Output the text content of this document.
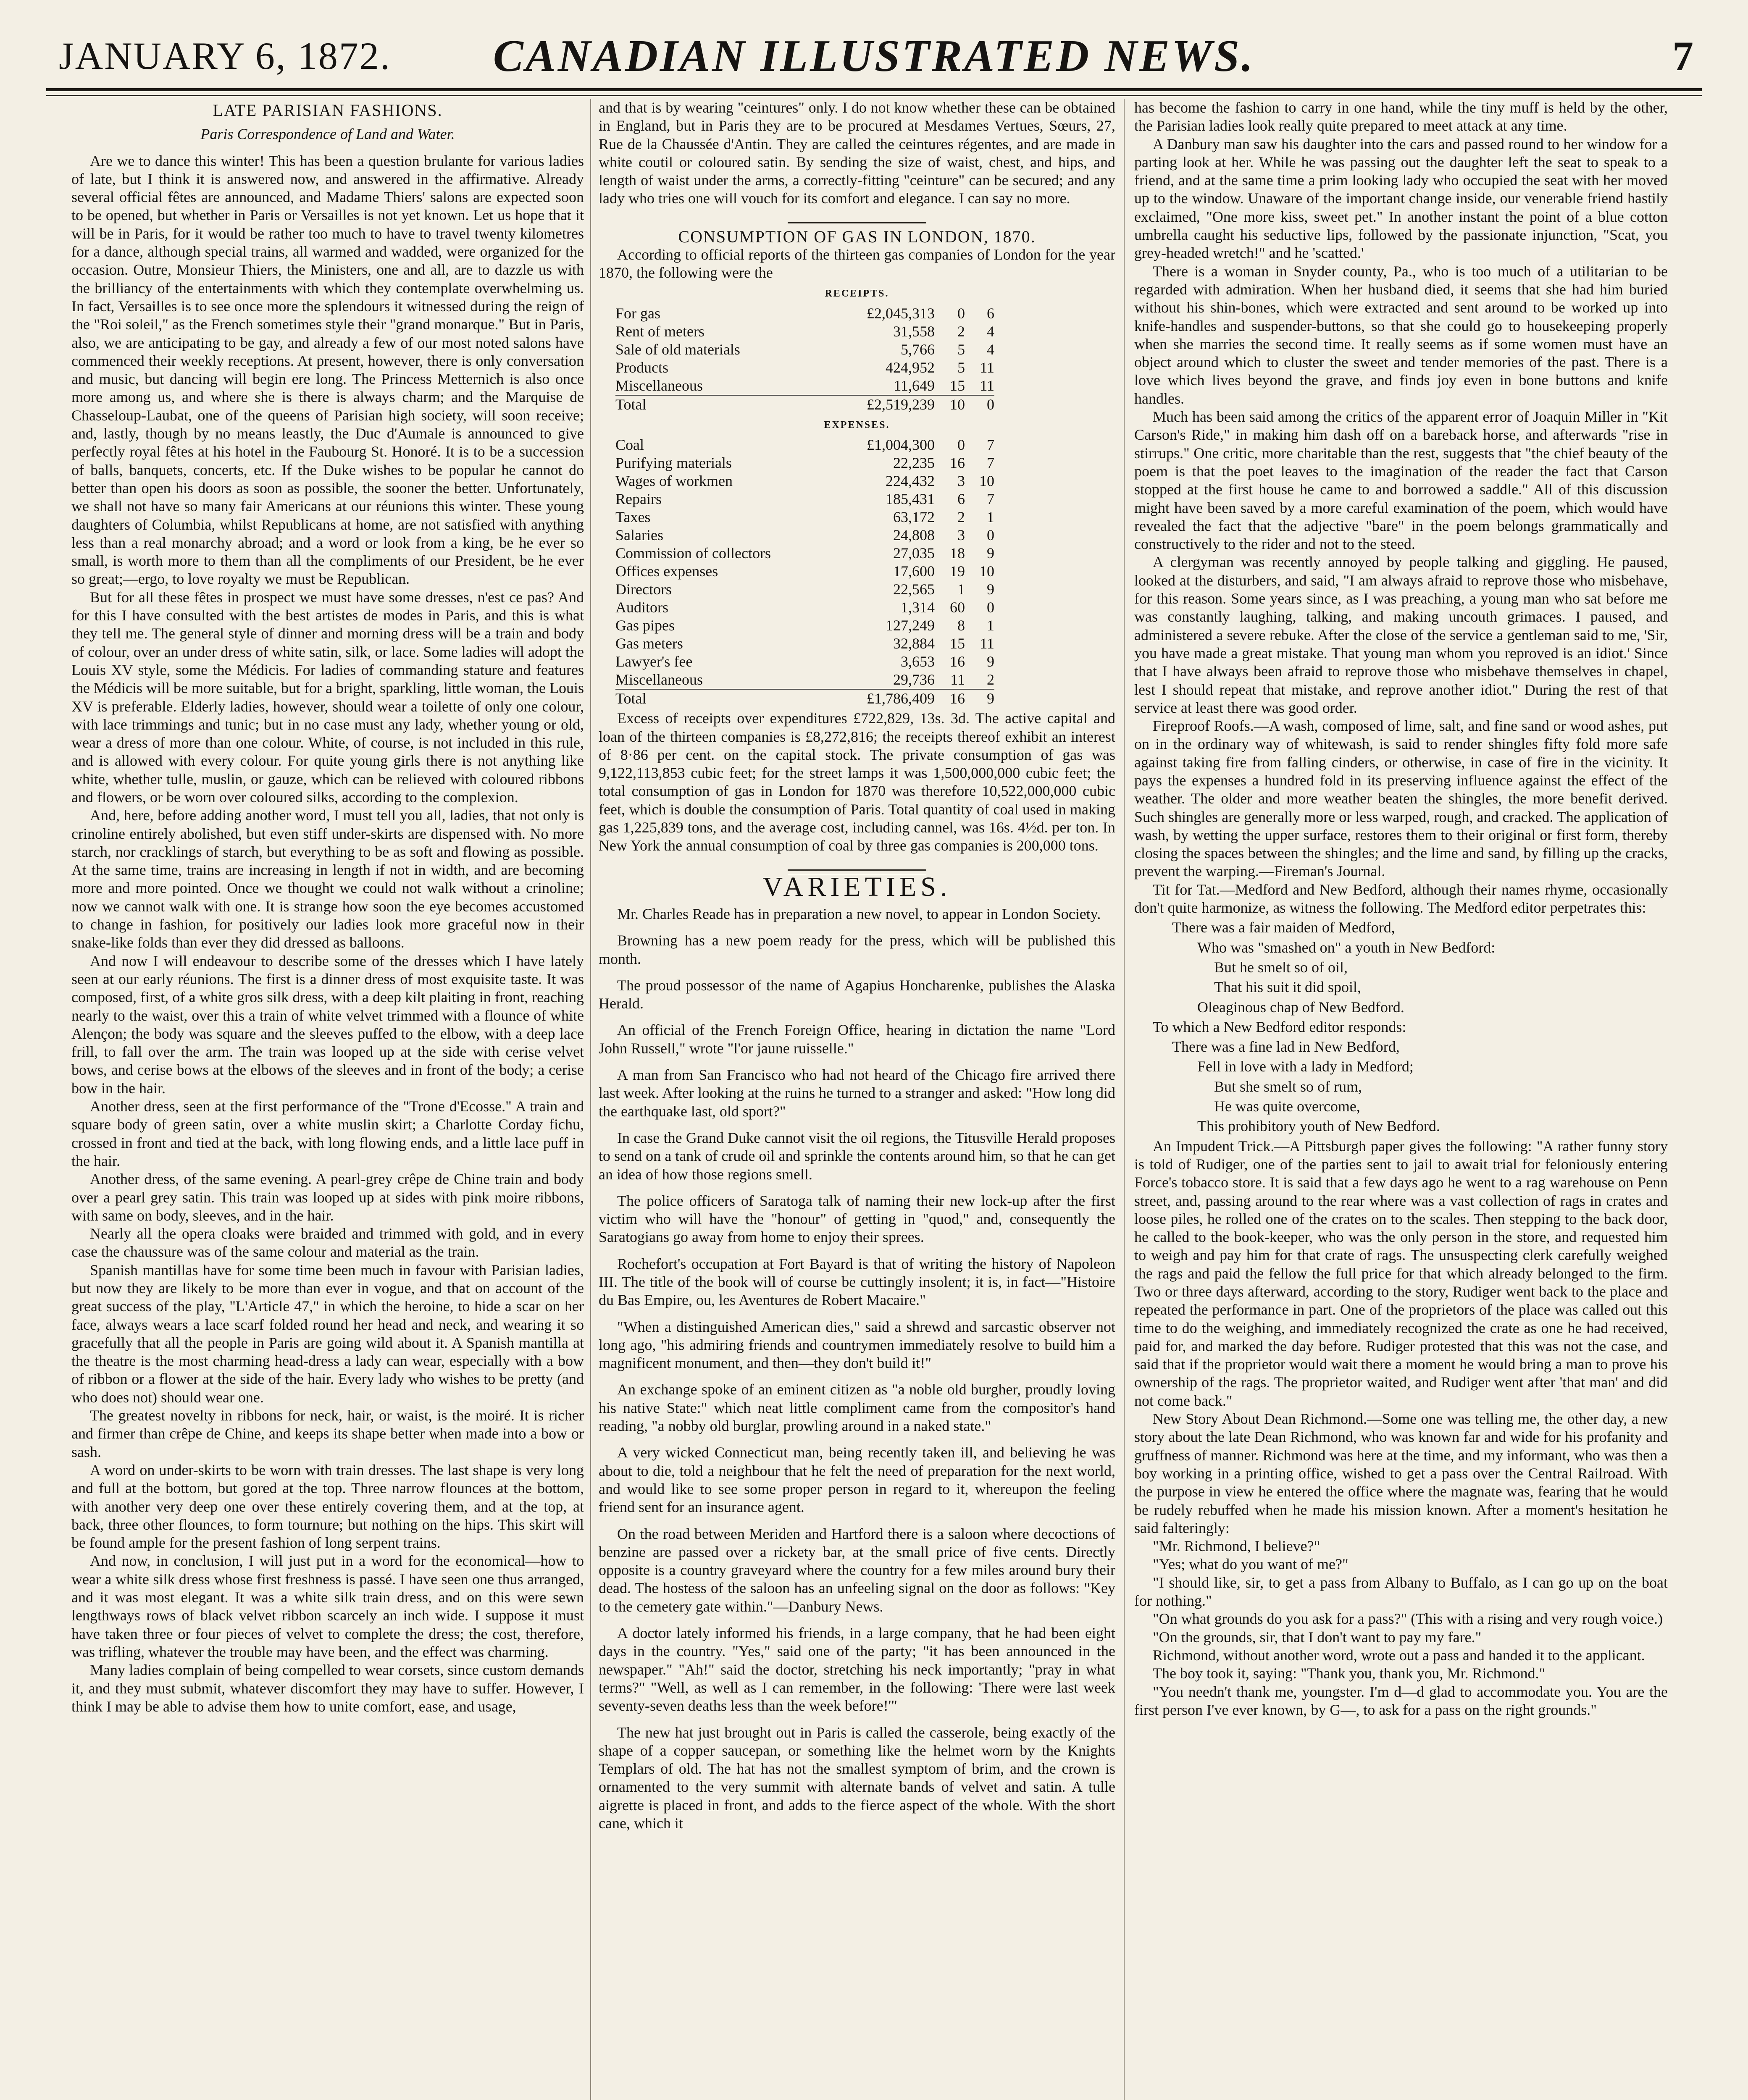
JANUARY 6, 1872.	CANADIAN ILLUSTRATED NEWS.	7

LATE PARISIAN FASHIONS.

Paris Correspondence of Land and Water.

Are we to dance this winter! This has been a question brulante for various ladies of late, but I think it is answered now, and answered in the affirmative. Already several official fêtes are announced, and Madame Thiers' salons are expected soon to be opened, but whether in Paris or Versailles is not yet known. Let us hope that it will be in Paris, for it would be rather too much to have to travel twenty kilometres for a dance, although special trains, all warmed and wadded, were organized for the occasion. Outre, Monsieur Thiers, the Ministers, one and all, are to dazzle us with the brilliancy of the entertainments with which they contemplate overwhelming us. In fact, Versailles is to see once more the splendours it witnessed during the reign of the "Roi soleil," as the French sometimes style their "grand monarque." But in Paris, also, we are anticipating to be gay, and already a few of our most noted salons have commenced their weekly receptions. At present, however, there is only conversation and music, but dancing will begin ere long. The Princess Metternich is also once more among us, and where she is there is always charm; and the Marquise de Chasseloup-Laubat, one of the queens of Parisian high society, will soon receive; and, lastly, though by no means leastly, the Duc d'Aumale is announced to give perfectly royal fêtes at his hotel in the Faubourg St. Honoré. It is to be a succession of balls, banquets, concerts, etc. If the Duke wishes to be popular he cannot do better than open his doors as soon as possible, the sooner the better. Unfortunately, we shall not have so many fair Americans at our réunions this winter. These young daughters of Columbia, whilst Republicans at home, are not satisfied with anything less than a real monarchy abroad; and a word or look from a king, be he ever so small, is worth more to them than all the compliments of our President, be he ever so great;—ergo, to love royalty we must be Republican.

But for all these fêtes in prospect we must have some dresses, n'est ce pas? And for this I have consulted with the best artistes de modes in Paris, and this is what they tell me. The general style of dinner and morning dress will be a train and body of colour, over an under dress of white satin, silk, or lace. Some ladies will adopt the Louis XV style, some the Médicis. For ladies of commanding stature and features the Médicis will be more suitable, but for a bright, sparkling, little woman, the Louis XV is preferable. Elderly ladies, however, should wear a toilette of only one colour, with lace trimmings and tunic; but in no case must any lady, whether young or old, wear a dress of more than one colour. White, of course, is not included in this rule, and is allowed with every colour. For quite young girls there is not anything like white, whether tulle, muslin, or gauze, which can be relieved with coloured ribbons and flowers, or be worn over coloured silks, according to the complexion.

And, here, before adding another word, I must tell you all, ladies, that not only is crinoline entirely abolished, but even stiff under-skirts are dispensed with. No more starch, nor cracklings of starch, but everything to be as soft and flowing as possible. At the same time, trains are increasing in length if not in width, and are becoming more and more pointed. Once we thought we could not walk without a crinoline; now we cannot walk with one. It is strange how soon the eye becomes accustomed to change in fashion, for positively our ladies look more graceful now in their snake-like folds than ever they did dressed as balloons.

And now I will endeavour to describe some of the dresses which I have lately seen at our early réunions. The first is a dinner dress of most exquisite taste. It was composed, first, of a white gros silk dress, with a deep kilt plaiting in front, reaching nearly to the waist, over this a train of white velvet trimmed with a flounce of white Alençon; the body was square and the sleeves puffed to the elbow, with a deep lace frill, to fall over the arm. The train was looped up at the side with cerise velvet bows, and cerise bows at the elbows of the sleeves and in front of the body; a cerise bow in the hair.

Another dress, seen at the first performance of the "Trone d'Ecosse." A train and square body of green satin, over a white muslin skirt; a Charlotte Corday fichu, crossed in front and tied at the back, with long flowing ends, and a little lace puff in the hair.

Another dress, of the same evening. A pearl-grey crêpe de Chine train and body over a pearl grey satin. This train was looped up at sides with pink moire ribbons, with same on body, sleeves, and in the hair.

Nearly all the opera cloaks were braided and trimmed with gold, and in every case the chaussure was of the same colour and material as the train.

Spanish mantillas have for some time been much in favour with Parisian ladies, but now they are likely to be more than ever in vogue, and that on account of the great success of the play, "L'Article 47," in which the heroine, to hide a scar on her face, always wears a lace scarf folded round her head and neck, and wearing it so gracefully that all the people in Paris are going wild about it. A Spanish mantilla at the theatre is the most charming head-dress a lady can wear, especially with a bow of ribbon or a flower at the side of the hair. Every lady who wishes to be pretty (and who does not) should wear one.

The greatest novelty in ribbons for neck, hair, or waist, is the moiré. It is richer and firmer than crêpe de Chine, and keeps its shape better when made into a bow or sash.

A word on under-skirts to be worn with train dresses. The last shape is very long and full at the bottom, but gored at the top. Three narrow flounces at the bottom, with another very deep one over these entirely covering them, and at the top, at back, three other flounces, to form tournure; but nothing on the hips. This skirt will be found ample for the present fashion of long serpent trains.

And now, in conclusion, I will just put in a word for the economical—how to wear a white silk dress whose first freshness is passé. I have seen one thus arranged, and it was most elegant. It was a white silk train dress, and on this were sewn lengthways rows of black velvet ribbon scarcely an inch wide. I suppose it must have taken three or four pieces of velvet to complete the dress; the cost, therefore, was trifling, whatever the trouble may have been, and the effect was charming.

Many ladies complain of being compelled to wear corsets, since custom demands it, and they must submit, whatever discomfort they may have to suffer. However, I think I may be able to advise them how to unite comfort, ease, and usage,

and that is by wearing "ceintures" only. I do not know whether these can be obtained in England, but in Paris they are to be procured at Mesdames Vertues, Sœurs, 27, Rue de la Chaussée d'Antin. They are called the ceintures régentes, and are made in white coutil or coloured satin. By sending the size of waist, chest, and hips, and length of waist under the arms, a correctly-fitting "ceinture" can be secured; and any lady who tries one will vouch for its comfort and elegance. I can say no more.

CONSUMPTION OF GAS IN LONDON, 1870.

According to official reports of the thirteen gas companies of London for the year 1870, the following were the

RECEIPTS.

For gas	£2,045,313	0	6
Rent of meters	31,558	2	4
Sale of old materials	5,766	5	4
Products	424,952	5	11
Miscellaneous	11,649	15	11

Total	£2,519,239	10	0

EXPENSES.

Coal	£1,004,300	0	7
Purifying materials	22,235	16	7
Wages of workmen	224,432	3	10
Repairs	185,431	6	7
Taxes	63,172	2	1
Salaries	24,808	3	0
Commission of collectors	27,035	18	9
Offices expenses	17,600	19	10
Directors	22,565	1	9
Auditors	1,314	60	0
Gas pipes	127,249	8	1
Gas meters	32,884	15	11
Lawyer's fee	3,653	16	9
Miscellaneous	29,736	11	2

Total	£1,786,409	16	9

Excess of receipts over expenditures £722,829, 13s. 3d. The active capital and loan of the thirteen companies is £8,272,816; the receipts thereof exhibit an interest of 8·86 per cent. on the capital stock. The private consumption of gas was 9,122,113,853 cubic feet; for the street lamps it was 1,500,000,000 cubic feet; the total consumption of gas in London for 1870 was therefore 10,522,000,000 cubic feet, which is double the consumption of Paris. Total quantity of coal used in making gas 1,225,839 tons, and the average cost, including cannel, was 16s. 4½d. per ton. In New York the annual consumption of coal by three gas companies is 200,000 tons.

VARIETIES.

Mr. Charles Reade has in preparation a new novel, to appear in London Society.

Browning has a new poem ready for the press, which will be published this month.

The proud possessor of the name of Agapius Honcharenke, publishes the Alaska Herald.

An official of the French Foreign Office, hearing in dictation the name "Lord John Russell," wrote "l'or jaune ruisselle."

A man from San Francisco who had not heard of the Chicago fire arrived there last week. After looking at the ruins he turned to a stranger and asked: "How long did the earthquake last, old sport?"

In case the Grand Duke cannot visit the oil regions, the Titusville Herald proposes to send on a tank of crude oil and sprinkle the contents around him, so that he can get an idea of how those regions smell.

The police officers of Saratoga talk of naming their new lock-up after the first victim who will have the "honour" of getting in "quod," and, consequently the Saratogians go away from home to enjoy their sprees.

Rochefort's occupation at Fort Bayard is that of writing the history of Napoleon III. The title of the book will of course be cuttingly insolent; it is, in fact—"Histoire du Bas Empire, ou, les Aventures de Robert Macaire."

"When a distinguished American dies," said a shrewd and sarcastic observer not long ago, "his admiring friends and countrymen immediately resolve to build him a magnificent monument, and then—they don't build it!"

An exchange spoke of an eminent citizen as "a noble old burgher, proudly loving his native State:" which neat little compliment came from the compositor's hand reading, "a nobby old burglar, prowling around in a naked state."

A very wicked Connecticut man, being recently taken ill, and believing he was about to die, told a neighbour that he felt the need of preparation for the next world, and would like to see some proper person in regard to it, whereupon the feeling friend sent for an insurance agent.

On the road between Meriden and Hartford there is a saloon where decoctions of benzine are passed over a rickety bar, at the small price of five cents. Directly opposite is a country graveyard where the country for a few miles around bury their dead. The hostess of the saloon has an unfeeling signal on the door as follows: "Key to the cemetery gate within."—Danbury News.

A doctor lately informed his friends, in a large company, that he had been eight days in the country. "Yes," said one of the party; "it has been announced in the newspaper." "Ah!" said the doctor, stretching his neck importantly; "pray in what terms?" "Well, as well as I can remember, in the following: 'There were last week seventy-seven deaths less than the week before!'"

The new hat just brought out in Paris is called the casserole, being exactly of the shape of a copper saucepan, or something like the helmet worn by the Knights Templars of old. The hat has not the smallest symptom of brim, and the crown is ornamented to the very summit with alternate bands of velvet and satin. A tulle aigrette is placed in front, and adds to the fierce aspect of the whole. With the short cane, which it

has become the fashion to carry in one hand, while the tiny muff is held by the other, the Parisian ladies look really quite prepared to meet attack at any time.

A Danbury man saw his daughter into the cars and passed round to her window for a parting look at her. While he was passing out the daughter left the seat to speak to a friend, and at the same time a prim looking lady who occupied the seat with her moved up to the window. Unaware of the important change inside, our venerable friend hastily exclaimed, "One more kiss, sweet pet." In another instant the point of a blue cotton umbrella caught his seductive lips, followed by the passionate injunction, "Scat, you grey-headed wretch!" and he 'scatted.'

There is a woman in Snyder county, Pa., who is too much of a utilitarian to be regarded with admiration. When her husband died, it seems that she had him buried without his shin-bones, which were extracted and sent around to be worked up into knife-handles and suspender-buttons, so that she could go to housekeeping properly when she marries the second time. It really seems as if some women must have an object around which to cluster the sweet and tender memories of the past. There is a love which lives beyond the grave, and finds joy even in bone buttons and knife handles.

Much has been said among the critics of the apparent error of Joaquin Miller in "Kit Carson's Ride," in making him dash off on a bareback horse, and afterwards "rise in stirrups." One critic, more charitable than the rest, suggests that "the chief beauty of the poem is that the poet leaves to the imagination of the reader the fact that Carson stopped at the first house he came to and borrowed a saddle." All of this discussion might have been saved by a more careful examination of the poem, which would have revealed the fact that the adjective "bare" in the poem belongs grammatically and constructively to the rider and not to the steed.

A clergyman was recently annoyed by people talking and giggling. He paused, looked at the disturbers, and said, "I am always afraid to reprove those who misbehave, for this reason. Some years since, as I was preaching, a young man who sat before me was constantly laughing, talking, and making uncouth grimaces. I paused, and administered a severe rebuke. After the close of the service a gentleman said to me, 'Sir, you have made a great mistake. That young man whom you reproved is an idiot.' Since that I have always been afraid to reprove those who misbehave themselves in chapel, lest I should repeat that mistake, and reprove another idiot." During the rest of that service at least there was good order.

Fireproof Roofs.—A wash, composed of lime, salt, and fine sand or wood ashes, put on in the ordinary way of whitewash, is said to render shingles fifty fold more safe against taking fire from falling cinders, or otherwise, in case of fire in the vicinity. It pays the expenses a hundred fold in its preserving influence against the effect of the weather. The older and more weather beaten the shingles, the more benefit derived. Such shingles are generally more or less warped, rough, and cracked. The application of wash, by wetting the upper surface, restores them to their original or first form, thereby closing the spaces between the shingles; and the lime and sand, by filling up the cracks, prevent the warping.—Fireman's Journal.

Tit for Tat.—Medford and New Bedford, although their names rhyme, occasionally don't quite harmonize, as witness the following. The Medford editor perpetrates this:

There was a fair maiden of Medford,

Who was "smashed on" a youth in New Bedford:

But he smelt so of oil,

That his suit it did spoil,

Oleaginous chap of New Bedford.

To which a New Bedford editor responds:

There was a fine lad in New Bedford,

Fell in love with a lady in Medford;

But she smelt so of rum,

He was quite overcome,

This prohibitory youth of New Bedford.

An Impudent Trick.—A Pittsburgh paper gives the following: "A rather funny story is told of Rudiger, one of the parties sent to jail to await trial for feloniously entering Force's tobacco store. It is said that a few days ago he went to a rag warehouse on Penn street, and, passing around to the rear where was a vast collection of rags in crates and loose piles, he rolled one of the crates on to the scales. Then stepping to the back door, he called to the book-keeper, who was the only person in the store, and requested him to weigh and pay him for that crate of rags. The unsuspecting clerk carefully weighed the rags and paid the fellow the full price for that which already belonged to the firm. Two or three days afterward, according to the story, Rudiger went back to the place and repeated the performance in part. One of the proprietors of the place was called out this time to do the weighing, and immediately recognized the crate as one he had received, paid for, and marked the day before. Rudiger protested that this was not the case, and said that if the proprietor would wait there a moment he would bring a man to prove his ownership of the rags. The proprietor waited, and Rudiger went after 'that man' and did not come back."

New Story About Dean Richmond.—Some one was telling me, the other day, a new story about the late Dean Richmond, who was known far and wide for his profanity and gruffness of manner. Richmond was here at the time, and my informant, who was then a boy working in a printing office, wished to get a pass over the Central Railroad. With the purpose in view he entered the office where the magnate was, fearing that he would be rudely rebuffed when he made his mission known. After a moment's hesitation he said falteringly:

"Mr. Richmond, I believe?"

"Yes; what do you want of me?"

"I should like, sir, to get a pass from Albany to Buffalo, as I can go up on the boat for nothing."

"On what grounds do you ask for a pass?" (This with a rising and very rough voice.)

"On the grounds, sir, that I don't want to pay my fare."

Richmond, without another word, wrote out a pass and handed it to the applicant.

The boy took it, saying: "Thank you, thank you, Mr. Richmond."

"You needn't thank me, youngster. I'm d—d glad to accommodate you. You are the first person I've ever known, by G—, to ask for a pass on the right grounds."
